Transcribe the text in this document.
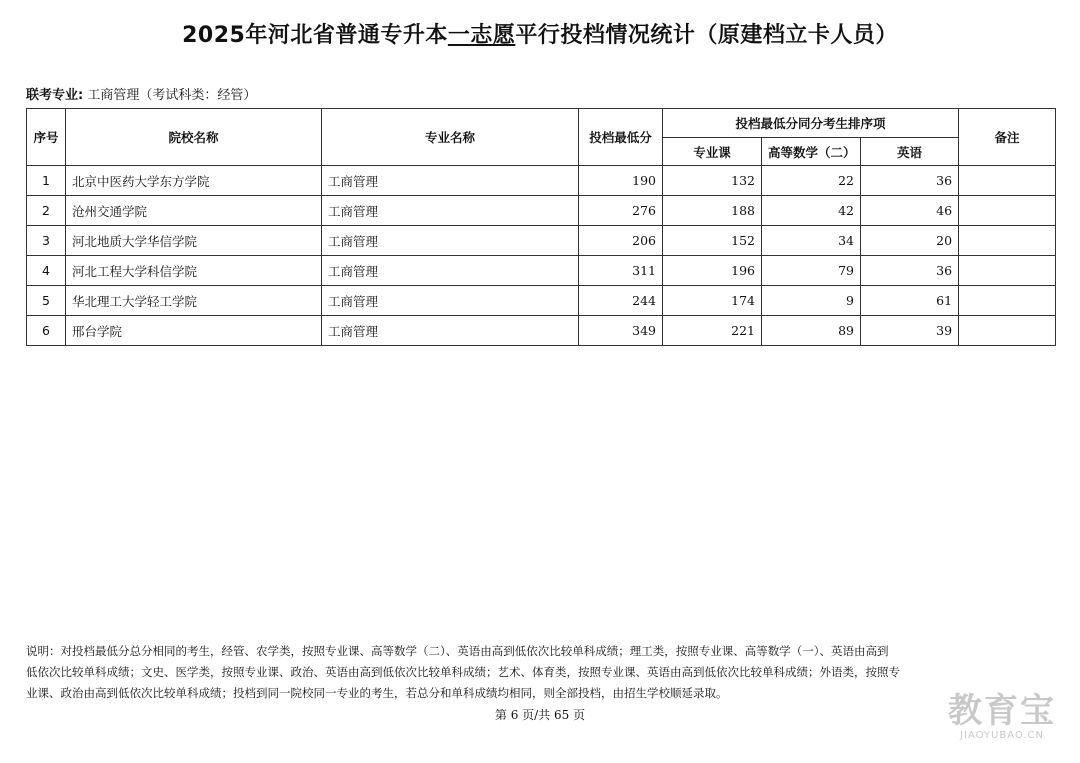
2025年河北省普通专升本一志愿平行投档情况统计（原建档立卡人员）
联考专业: 工商管理（考试科类：经管）
序号	院校名称	专业名称	投档最低分	投档最低分同分考生排序项			备注
				专业课	高等数学（二）	英语	
1	北京中医药大学东方学院	工商管理	190	132	22	36	
2	沧州交通学院	工商管理	276	188	42	46	
3	河北地质大学华信学院	工商管理	206	152	34	20	
4	河北工程大学科信学院	工商管理	311	196	79	36	
5	华北理工大学轻工学院	工商管理	244	174	9	61	
6	邢台学院	工商管理	349	221	89	39	
说明：对投档最低分总分相同的考生，经管、农学类，按照专业课、高等数学（二）、英语由高到低依次比较单科成绩；理工类，按照专业课、高等数学（一）、英语由高到
低依次比较单科成绩；文史、医学类，按照专业课、政治、英语由高到低依次比较单科成绩；艺术、体育类，按照专业课、英语由高到低依次比较单科成绩；外语类，按照专
业课、政治由高到低依次比较单科成绩；投档到同一院校同一专业的考生，若总分和单科成绩均相同，则全部投档，由招生学校顺延录取。
第 6 页/共 65 页	教育宝
JIAOYUBAO.CN
